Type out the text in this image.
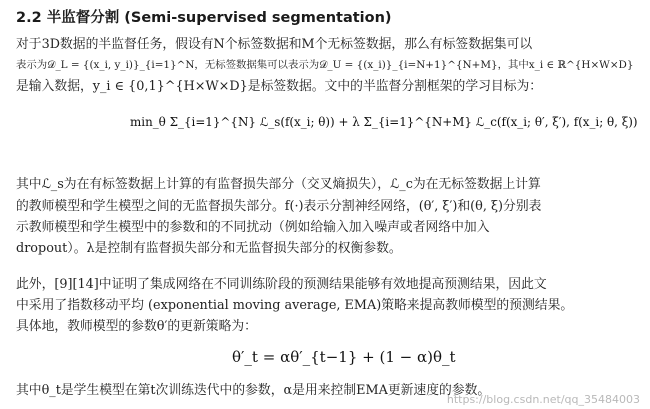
2.2 半监督分割 (Semi-supervised segmentation)
对于3D数据的半监督任务，假设有N个标签数据和M个无标签数据，那么有标签数据集可以
表示为𝒟_L = {(x_i, y_i)}_{i=1}^N，无标签数据集可以表示为𝒟_U = {(x_i)}_{i=N+1}^{N+M}，其中x_i ∈ ℝ^{H×W×D}
是输入数据，y_i ∈ {0,1}^{H×W×D}是标签数据。文中的半监督分割框架的学习目标为：
min_θ Σ_{i=1}^{N} ℒ_s(f(x_i; θ)) + λ Σ_{i=1}^{N+M} ℒ_c(f(x_i; θ′, ξ′), f(x_i; θ, ξ))
其中ℒ_s为在有标签数据上计算的有监督损失部分（交叉熵损失），ℒ_c为在无标签数据上计算
的教师模型和学生模型之间的无监督损失部分。f(·)表示分割神经网络，(θ′, ξ′)和(θ, ξ)分别表
示教师模型和学生模型中的参数和的不同扰动（例如给输入加入噪声或者网络中加入
dropout）。λ是控制有监督损失部分和无监督损失部分的权衡参数。
此外，[9][14]中证明了集成网络在不同训练阶段的预测结果能够有效地提高预测结果，因此文
中采用了指数移动平均 (exponential moving average, EMA)策略来提高教师模型的预测结果。
具体地，教师模型的参数θ′的更新策略为：
θ′_t = αθ′_{t−1} + (1 − α)θ_t
其中θ_t是学生模型在第t次训练迭代中的参数，α是用来控制EMA更新速度的参数。
https://blog.csdn.net/qq_35484003
